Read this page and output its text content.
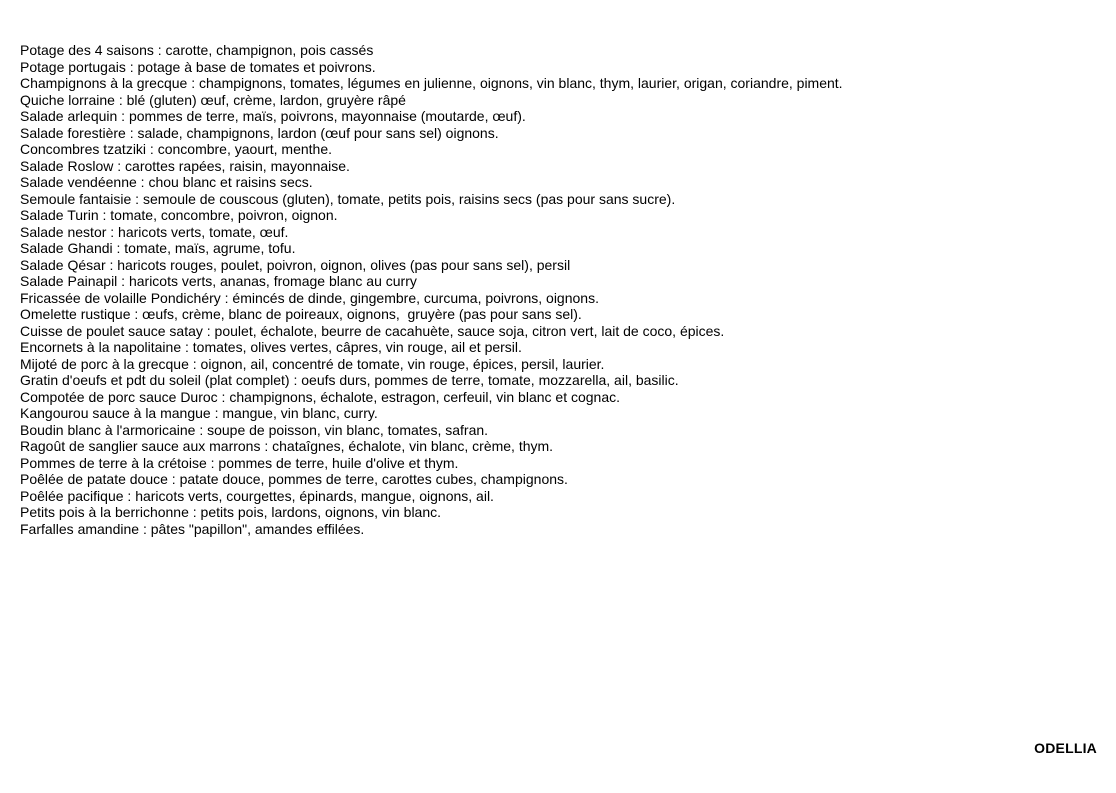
Potage des 4 saisons : carotte, champignon, pois cassés
Potage portugais : potage à base de tomates et poivrons.
Champignons à la grecque : champignons, tomates, légumes en julienne, oignons, vin blanc, thym, laurier, origan, coriandre, piment.
Quiche lorraine : blé (gluten) œuf, crème, lardon, gruyère râpé
Salade arlequin : pommes de terre, maïs, poivrons, mayonnaise (moutarde, œuf).
Salade forestière : salade, champignons, lardon (œuf pour sans sel) oignons.
Concombres tzatziki : concombre, yaourt, menthe.
Salade Roslow : carottes rapées, raisin, mayonnaise.
Salade vendéenne : chou blanc et raisins secs.
Semoule fantaisie : semoule de couscous (gluten), tomate, petits pois, raisins secs (pas pour sans sucre).
Salade Turin : tomate, concombre, poivron, oignon.
Salade nestor : haricots verts, tomate, œuf.
Salade Ghandi : tomate, maïs, agrume, tofu.
Salade Qésar : haricots rouges, poulet, poivron, oignon, olives (pas pour sans sel), persil
Salade Painapil : haricots verts, ananas, fromage blanc au curry
Fricassée de volaille Pondichéry : émincés de dinde, gingembre, curcuma, poivrons, oignons.
Omelette rustique : œufs, crème, blanc de poireaux, oignons,  gruyère (pas pour sans sel).
Cuisse de poulet sauce satay : poulet, échalote, beurre de cacahuète, sauce soja, citron vert, lait de coco, épices.
Encornets à la napolitaine : tomates, olives vertes, câpres, vin rouge, ail et persil.
Mijoté de porc à la grecque : oignon, ail, concentré de tomate, vin rouge, épices, persil, laurier.
Gratin d'oeufs et pdt du soleil (plat complet) : oeufs durs, pommes de terre, tomate, mozzarella, ail, basilic.
Compotée de porc sauce Duroc : champignons, échalote, estragon, cerfeuil, vin blanc et cognac.
Kangourou sauce à la mangue : mangue, vin blanc, curry.
Boudin blanc à l'armoricaine : soupe de poisson, vin blanc, tomates, safran.
Ragoût de sanglier sauce aux marrons : chataîgnes, échalote, vin blanc, crème, thym.
Pommes de terre à la crétoise : pommes de terre, huile d'olive et thym.
Poêlée de patate douce : patate douce, pommes de terre, carottes cubes, champignons.
Poêlée pacifique : haricots verts, courgettes, épinards, mangue, oignons, ail.
Petits pois à la berrichonne : petits pois, lardons, oignons, vin blanc.
Farfalles amandine : pâtes "papillon", amandes effilées.
ODELLIA
